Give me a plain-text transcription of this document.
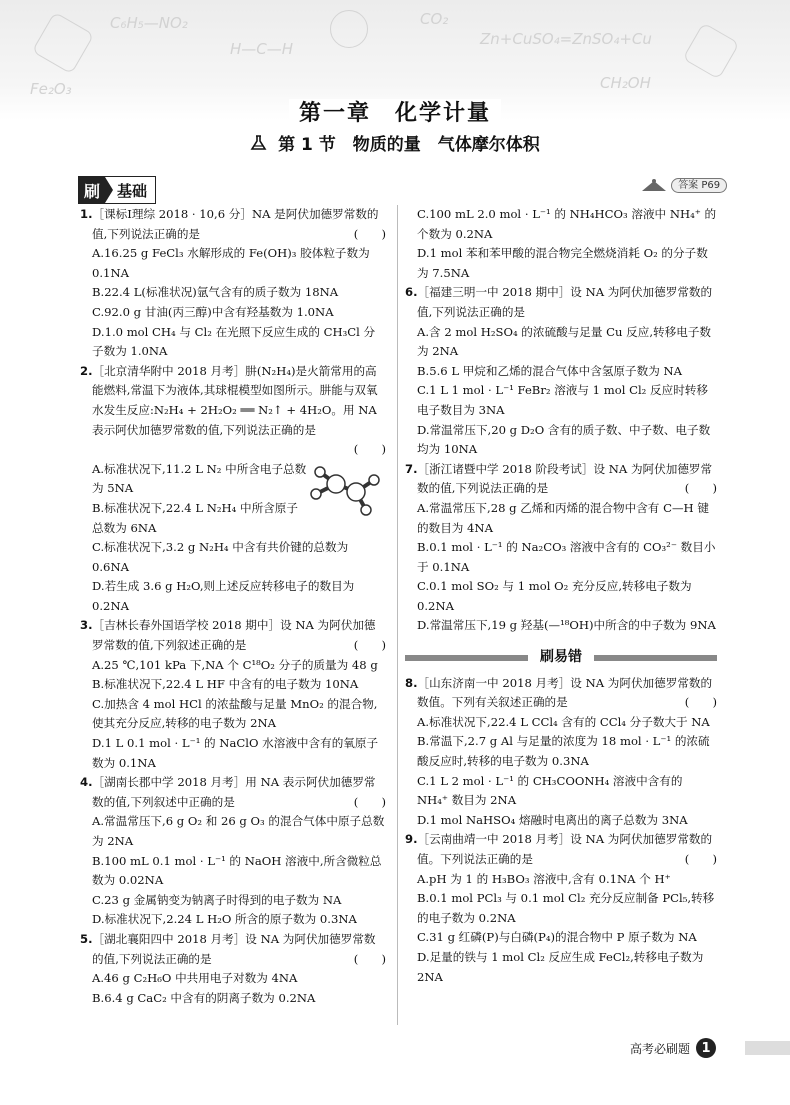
C₆H₅—NO₂	CO₂
Zn+CuSO₄=ZnSO₄+Cu
H—C—H
CH₂OH
Fe₂O₃
第一章　化学计量
第 1 节　物质的量　气体摩尔体积
刷	基础	答案 P69
1.［课标Ⅰ理综 2018 · 10,6 分］NA 是阿伏加德罗常数的值,下列说法正确的是	(　　)
A.16.25 g FeCl₃ 水解形成的 Fe(OH)₃ 胶体粒子数为 0.1NA
B.22.4 L(标准状况)氩气含有的质子数为 18NA
C.92.0 g 甘油(丙三醇)中含有羟基数为 1.0NA
D.1.0 mol CH₄ 与 Cl₂ 在光照下反应生成的 CH₃Cl 分子数为 1.0NA
2.［北京清华附中 2018 月考］肼(N₂H₄)是火箭常用的高能燃料,常温下为液体,其球棍模型如图所示。肼能与双氧水发生反应:N₂H₄ + 2H₂O₂ ══ N₂↑ + 4H₂O。用 NA 表示阿伏加德罗常数的值,下列说法正确的是
(　　)
A.标准状况下,11.2 L N₂ 中所含电子总数为 5NA
B.标准状况下,22.4 L N₂H₄ 中所含原子总数为 6NA
C.标准状况下,3.2 g N₂H₄ 中含有共价键的总数为 0.6NA
D.若生成 3.6 g H₂O,则上述反应转移电子的数目为 0.2NA
3.［吉林长春外国语学校 2018 期中］设 NA 为阿伏加德罗常数的值,下列叙述正确的是	(　　)
A.25 ℃,101 kPa 下,NA 个 C¹⁸O₂ 分子的质量为 48 g
B.标准状况下,22.4 L HF 中含有的电子数为 10NA
C.加热含 4 mol HCl 的浓盐酸与足量 MnO₂ 的混合物,使其充分反应,转移的电子数为 2NA
D.1 L 0.1 mol · L⁻¹ 的 NaClO 水溶液中含有的氧原子数为 0.1NA
4.［湖南长郡中学 2018 月考］用 NA 表示阿伏加德罗常数的值,下列叙述中正确的是	(　　)
A.常温常压下,6 g O₂ 和 26 g O₃ 的混合气体中原子总数为 2NA
B.100 mL 0.1 mol · L⁻¹ 的 NaOH 溶液中,所含微粒总数为 0.02NA
C.23 g 金属钠变为钠离子时得到的电子数为 NA
D.标准状况下,2.24 L H₂O 所含的原子数为 0.3NA
5.［湖北襄阳四中 2018 月考］设 NA 为阿伏加德罗常数的值,下列说法正确的是	(　　)
A.46 g C₂H₆O 中共用电子对数为 4NA
B.6.4 g CaC₂ 中含有的阴离子数为 0.2NA
C.100 mL 2.0 mol · L⁻¹ 的 NH₄HCO₃ 溶液中 NH₄⁺ 的个数为 0.2NA
D.1 mol 苯和苯甲酸的混合物完全燃烧消耗 O₂ 的分子数为 7.5NA
6.［福建三明一中 2018 期中］设 NA 为阿伏加德罗常数的值,下列说法正确的是
A.含 2 mol H₂SO₄ 的浓硫酸与足量 Cu 反应,转移电子数为 2NA
B.5.6 L 甲烷和乙烯的混合气体中含氢原子数为 NA
C.1 L 1 mol · L⁻¹ FeBr₂ 溶液与 1 mol Cl₂ 反应时转移电子数目为 3NA
D.常温常压下,20 g D₂O 含有的质子数、中子数、电子数均为 10NA
7.［浙江诸暨中学 2018 阶段考试］设 NA 为阿伏加德罗常数的值,下列说法正确的是	(　　)
A.常温常压下,28 g 乙烯和丙烯的混合物中含有 C—H 键的数目为 4NA
B.0.1 mol · L⁻¹ 的 Na₂CO₃ 溶液中含有的 CO₃²⁻ 数目小于 0.1NA
C.0.1 mol SO₂ 与 1 mol O₂ 充分反应,转移电子数为 0.2NA
D.常温常压下,19 g 羟基(—¹⁸OH)中所含的中子数为 9NA
刷易错
8.［山东济南一中 2018 月考］设 NA 为阿伏加德罗常数的数值。下列有关叙述正确的是	(　　)
A.标准状况下,22.4 L CCl₄ 含有的 CCl₄ 分子数大于 NA
B.常温下,2.7 g Al 与足量的浓度为 18 mol · L⁻¹ 的浓硫酸反应时,转移的电子数为 0.3NA
C.1 L 2 mol · L⁻¹ 的 CH₃COONH₄ 溶液中含有的 NH₄⁺ 数目为 2NA
D.1 mol NaHSO₄ 熔融时电离出的离子总数为 3NA
9.［云南曲靖一中 2018 月考］设 NA 为阿伏加德罗常数的值。下列说法正确的是	(　　)
A.pH 为 1 的 H₃BO₃ 溶液中,含有 0.1NA 个 H⁺
B.0.1 mol PCl₃ 与 0.1 mol Cl₂ 充分反应制备 PCl₅,转移的电子数为 0.2NA
C.31 g 红磷(P)与白磷(P₄)的混合物中 P 原子数为 NA
D.足量的铁与 1 mol Cl₂ 反应生成 FeCl₂,转移电子数为 2NA
高考必刷题 1
